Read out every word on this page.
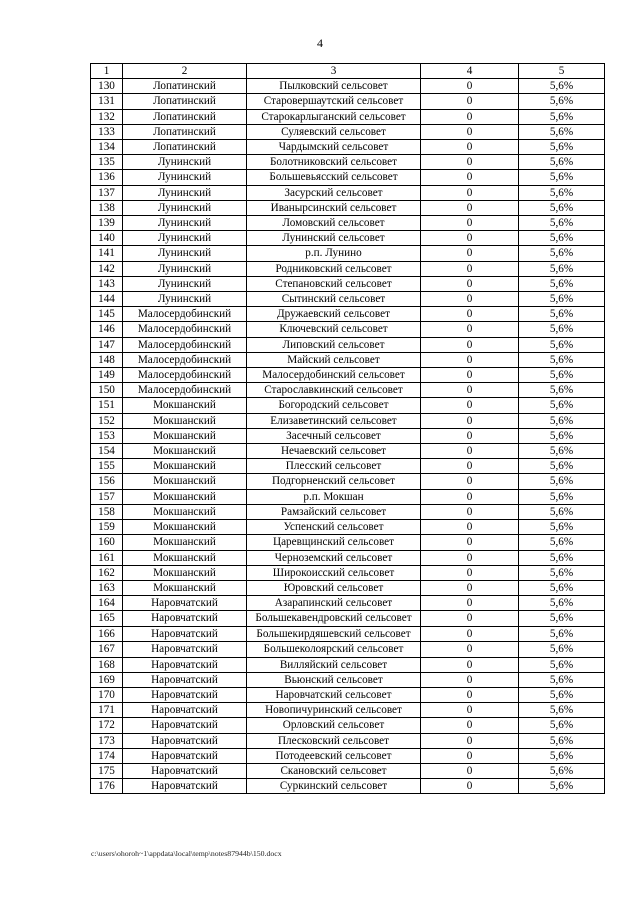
4
1	2	3	4	5
130	Лопатинский	Пылковский сельсовет	0	5,6%
131	Лопатинский	Старовершаутский сельсовет	0	5,6%
132	Лопатинский	Старокарлыганский сельсовет	0	5,6%
133	Лопатинский	Суляевский сельсовет	0	5,6%
134	Лопатинский	Чардымский сельсовет	0	5,6%
135	Лунинский	Болотниковский сельсовет	0	5,6%
136	Лунинский	Большевьясский сельсовет	0	5,6%
137	Лунинский	Засурский сельсовет	0	5,6%
138	Лунинский	Иванырсинский сельсовет	0	5,6%
139	Лунинский	Ломовский сельсовет	0	5,6%
140	Лунинский	Лунинский сельсовет	0	5,6%
141	Лунинский	р.п. Лунино	0	5,6%
142	Лунинский	Родниковский сельсовет	0	5,6%
143	Лунинский	Степановский сельсовет	0	5,6%
144	Лунинский	Сытинский сельсовет	0	5,6%
145	Малосердобинский	Дружаевский сельсовет	0	5,6%
146	Малосердобинский	Ключевский сельсовет	0	5,6%
147	Малосердобинский	Липовский сельсовет	0	5,6%
148	Малосердобинский	Майский сельсовет	0	5,6%
149	Малосердобинский	Малосердобинский сельсовет	0	5,6%
150	Малосердобинский	Старославкинский сельсовет	0	5,6%
151	Мокшанский	Богородский сельсовет	0	5,6%
152	Мокшанский	Елизаветинский сельсовет	0	5,6%
153	Мокшанский	Засечный сельсовет	0	5,6%
154	Мокшанский	Нечаевский сельсовет	0	5,6%
155	Мокшанский	Плесский сельсовет	0	5,6%
156	Мокшанский	Подгорненский сельсовет	0	5,6%
157	Мокшанский	р.п. Мокшан	0	5,6%
158	Мокшанский	Рамзайский сельсовет	0	5,6%
159	Мокшанский	Успенский сельсовет	0	5,6%
160	Мокшанский	Царевщинский сельсовет	0	5,6%
161	Мокшанский	Черноземский сельсовет	0	5,6%
162	Мокшанский	Широкоисский сельсовет	0	5,6%
163	Мокшанский	Юровский сельсовет	0	5,6%
164	Наровчатский	Азарапинский сельсовет	0	5,6%
165	Наровчатский	Большекавендровский сельсовет	0	5,6%
166	Наровчатский	Большекирдяшевский сельсовет	0	5,6%
167	Наровчатский	Большеколояpский сельсовет	0	5,6%
168	Наровчатский	Вилляйский сельсовет	0	5,6%
169	Наровчатский	Вьюнский сельсовет	0	5,6%
170	Наровчатский	Наровчатский сельсовет	0	5,6%
171	Наровчатский	Новопичуринский сельсовет	0	5,6%
172	Наровчатский	Орловский сельсовет	0	5,6%
173	Наровчатский	Плесковский сельсовет	0	5,6%
174	Наровчатский	Потодеевский сельсовет	0	5,6%
175	Наровчатский	Скановский сельсовет	0	5,6%
176	Наровчатский	Суркинский сельсовет	0	5,6%
c:\users\ohoroh~1\appdata\local\temp\notes87944b\150.docx
